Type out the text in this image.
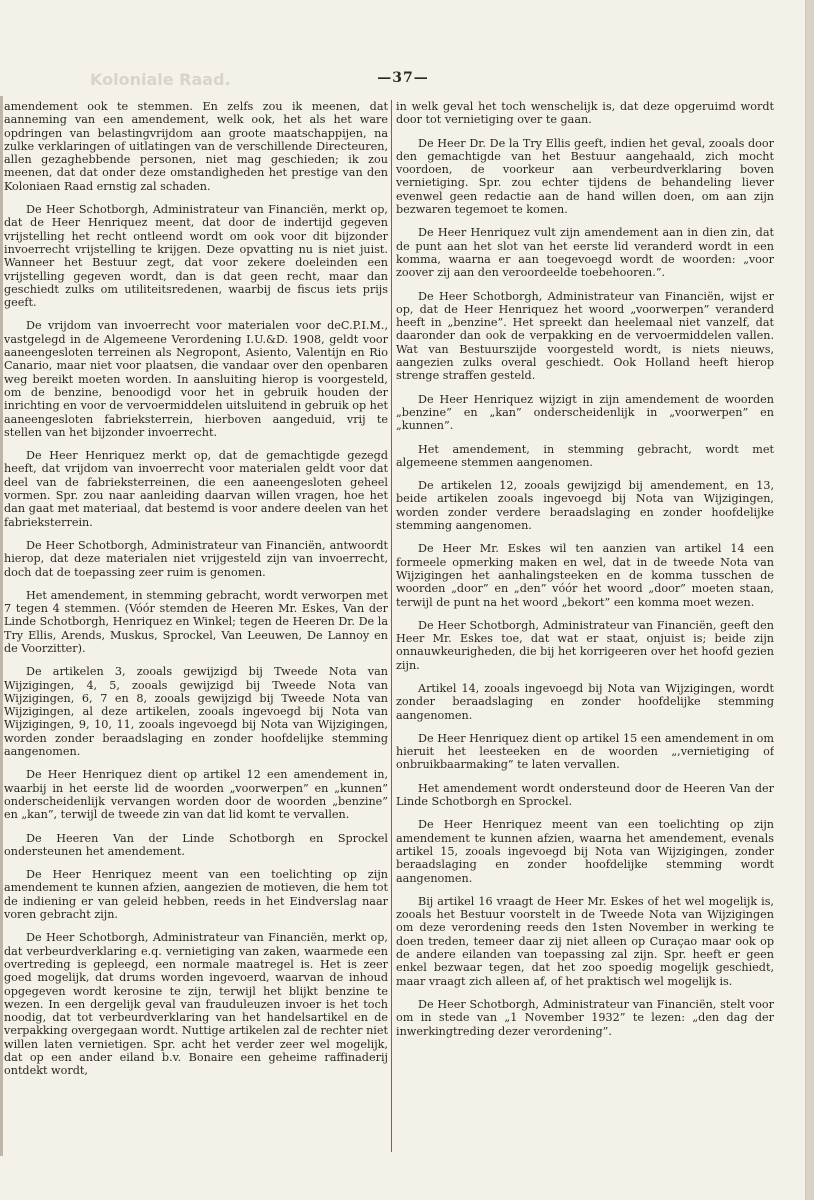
Koloniale Raad.	—37—

amendement ook te stemmen. En zelfs zou ik meenen, dat aanneming van een amendement, welk ook, het als het ware opdringen van belastingvrijdom aan groote maatschappijen, na zulke verklaringen of uitlatingen van de verschillende Directeuren, allen gezaghebbende personen, niet mag geschieden; ik zou meenen, dat dat onder deze omstandigheden het prestige van den Koloniaen Raad ernstig zal schaden.

De Heer Schotborgh, Administrateur van Financiën, merkt op, dat de Heer Henriquez meent, dat door de indertijd gegeven vrijstelling het recht ontleend wordt om ook voor dit bijzonder invoerrecht vrijstelling te krijgen. Deze opvatting nu is niet juist. Wanneer het Bestuur zegt, dat voor zekere doeleinden een vrijstelling gegeven wordt, dan is dat geen recht, maar dan geschiedt zulks om utiliteitsredenen, waarbij de fiscus iets prijs geeft.

De vrijdom van invoerrecht voor materialen voor deC.P.I.M., vastgelegd in de Algemeene Verordening I.U.&D. 1908, geldt voor aaneengesloten terreinen als Negropont, Asiento, Valentijn en Rio Canario, maar niet voor plaatsen, die vandaar over den openbaren weg bereikt moeten worden. In aansluiting hierop is voorgesteld, om de benzine, benoodigd voor het in gebruik houden der inrichting en voor de vervoermiddelen uitsluitend in gebruik op het aaneengesloten fabrieksterrein, hierboven aangeduid, vrij te stellen van het bijzonder invoerrecht.

De Heer Henriquez merkt op, dat de gemachtigde gezegd heeft, dat vrijdom van invoerrecht voor materialen geldt voor dat deel van de fabrieksterreinen, die een aaneengesloten geheel vormen. Spr. zou naar aanleiding daarvan willen vragen, hoe het dan gaat met materiaal, dat bestemd is voor andere deelen van het fabrieksterrein.

De Heer Schotborgh, Administrateur van Financiën, antwoordt hierop, dat deze materialen niet vrijgesteld zijn van invoerrecht, doch dat de toepassing zeer ruim is genomen.

Het amendement, in stemming gebracht, wordt verworpen met 7 tegen 4 stemmen. (Vóór stemden de Heeren Mr. Eskes, Van der Linde Schotborgh, Henriquez en Winkel; tegen de Heeren Dr. De la Try Ellis, Arends, Muskus, Sprockel, Van Leeuwen, De Lannoy en de Voorzitter).

De artikelen 3, zooals gewijzigd bij Tweede Nota van Wijzigingen, 4, 5, zooals gewijzigd bij Tweede Nota van Wijzigingen, 6, 7 en 8, zooals gewijzigd bij Tweede Nota van Wijzigingen, al deze artikelen, zooals ingevoegd bij Nota van Wijzigingen, 9, 10, 11, zooals ingevoegd bij Nota van Wijzigingen, worden zonder beraadslaging en zonder hoofdelijke stemming aangenomen.

De Heer Henriquez dient op artikel 12 een amendement in, waarbij in het eerste lid de woorden „voorwerpen” en „kunnen” onderscheidenlijk vervangen worden door de woorden „benzine” en „kan”, terwijl de tweede zin van dat lid komt te vervallen.

De Heeren Van der Linde Schotborgh en Sprockel ondersteunen het amendement.

De Heer Henriquez meent van een toelichting op zijn amendement te kunnen afzien, aangezien de motieven, die hem tot de indiening er van geleid hebben, reeds in het Eindverslag naar voren gebracht zijn.

De Heer Schotborgh, Administrateur van Financiën, merkt op, dat verbeurdverklaring e.q. vernietiging van zaken, waarmede een overtreding is gepleegd, een normale maatregel is. Het is zeer goed mogelijk, dat drums worden ingevoerd, waarvan de inhoud opgegeven wordt kerosine te zijn, terwijl het blijkt benzine te wezen. In een dergelijk geval van frauduleuzen invoer is het toch noodig, dat tot verbeurdverklaring van het handelsartikel en de verpakking overgegaan wordt. Nuttige artikelen zal de rechter niet willen laten vernietigen. Spr. acht het verder zeer wel mogelijk, dat op een ander eiland b.v. Bonaire een geheime raffinaderij ontdekt wordt,

in welk geval het toch wenschelijk is, dat deze opgeruimd wordt door tot vernietiging over te gaan.

De Heer Dr. De la Try Ellis geeft, indien het geval, zooals door den gemachtigde van het Bestuur aangehaald, zich mocht voordoen, de voorkeur aan verbeurdverklaring boven vernietiging. Spr. zou echter tijdens de behandeling liever evenwel geen redactie aan de hand willen doen, om aan zijn bezwaren tegemoet te komen.

De Heer Henriquez vult zijn amendement aan in dien zin, dat de punt aan het slot van het eerste lid veranderd wordt in een komma, waarna er aan toegevoegd wordt de woorden: „voor zoover zij aan den veroordeelde toebehooren.”.

De Heer Schotborgh, Administrateur van Financiën, wijst er op, dat de Heer Henriquez het woord „voorwerpen” veranderd heeft in „benzine”. Het spreekt dan heelemaal niet vanzelf, dat daaronder dan ook de verpakking en de vervoermiddelen vallen. Wat van Bestuurszijde voorgesteld wordt, is niets nieuws, aangezien zulks overal geschiedt. Ook Holland heeft hierop strenge straffen gesteld.

De Heer Henriquez wijzigt in zijn amendement de woorden „benzine” en „kan” onderscheidenlijk in „voorwerpen” en „kunnen”.

Het amendement, in stemming gebracht, wordt met algemeene stemmen aangenomen.

De artikelen 12, zooals gewijzigd bij amendement, en 13, beide artikelen zooals ingevoegd bij Nota van Wijzigingen, worden zonder verdere beraadslaging en zonder hoofdelijke stemming aangenomen.

De Heer Mr. Eskes wil ten aanzien van artikel 14 een formeele opmerking maken en wel, dat in de tweede Nota van Wijzigingen het aanhalingsteeken en de komma tusschen de woorden „door” en „den” vóór het woord „door” moeten staan, terwijl de punt na het woord „bekort” een komma moet wezen.

De Heer Schotborgh, Administrateur van Financiën, geeft den Heer Mr. Eskes toe, dat wat er staat, onjuist is; beide zijn onnauwkeurigheden, die bij het korrigeeren over het hoofd gezien zijn.

Artikel 14, zooals ingevoegd bij Nota van Wijzigingen, wordt zonder beraadslaging en zonder hoofdelijke stemming aangenomen.

De Heer Henriquez dient op artikel 15 een amendement in om hieruit het leesteeken en de woorden „,vernietiging of onbruikbaarmaking” te laten vervallen.

Het amendement wordt ondersteund door de Heeren Van der Linde Schotborgh en Sprockel.

De Heer Henriquez meent van een toelichting op zijn amendement te kunnen afzien, waarna het amendement, evenals artikel 15, zooals ingevoegd bij Nota van Wijzigingen, zonder beraadslaging en zonder hoofdelijke stemming wordt aangenomen.

Bij artikel 16 vraagt de Heer Mr. Eskes of het wel mogelijk is, zooals het Bestuur voorstelt in de Tweede Nota van Wijzigingen om deze verordening reeds den 1sten November in werking te doen treden, temeer daar zij niet alleen op Curaçao maar ook op de andere eilanden van toepassing zal zijn. Spr. heeft er geen enkel bezwaar tegen, dat het zoo spoedig mogelijk geschiedt, maar vraagt zich alleen af, of het praktisch wel mogelijk is.

De Heer Schotborgh, Administrateur van Financiën, stelt voor om in stede van „1 November 1932” te lezen: „den dag der inwerkingtreding dezer verordening”.
